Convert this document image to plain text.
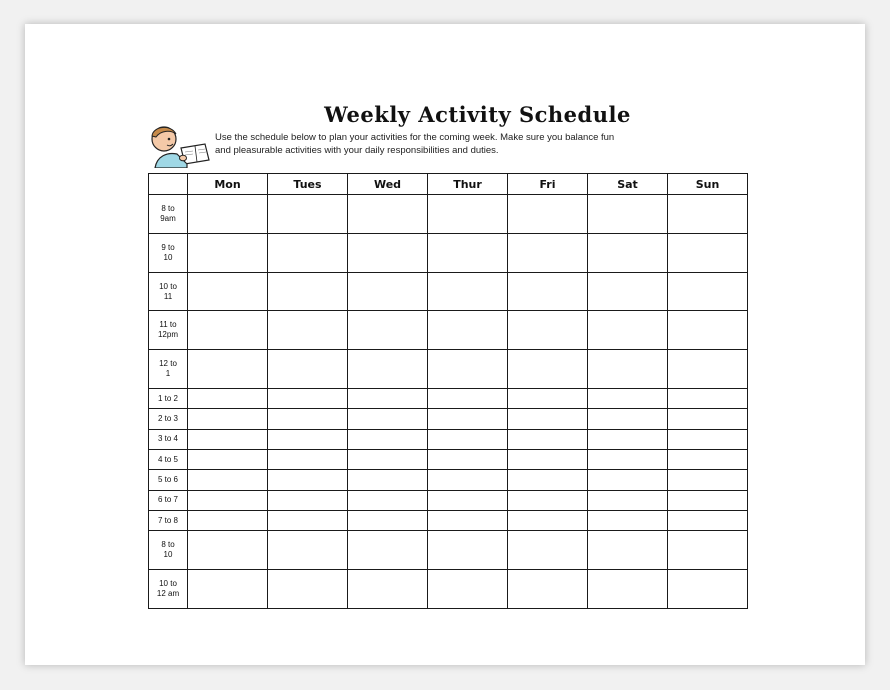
Weekly Activity Schedule
Use the schedule below to plan your activities for the coming week. Make sure you balance fun
and pleasurable activities with your daily responsibilities and duties.
	Mon	Tues	Wed	Thur	Fri	Sat	Sun
8 to
9am							
9 to
10							
10 to
11							
11 to
12pm							
12 to
1							
1 to 2							
2 to 3							
3 to 4							
4 to 5							
5 to 6							
6 to 7							
7 to 8							
8 to
10							
10 to
12 am							
